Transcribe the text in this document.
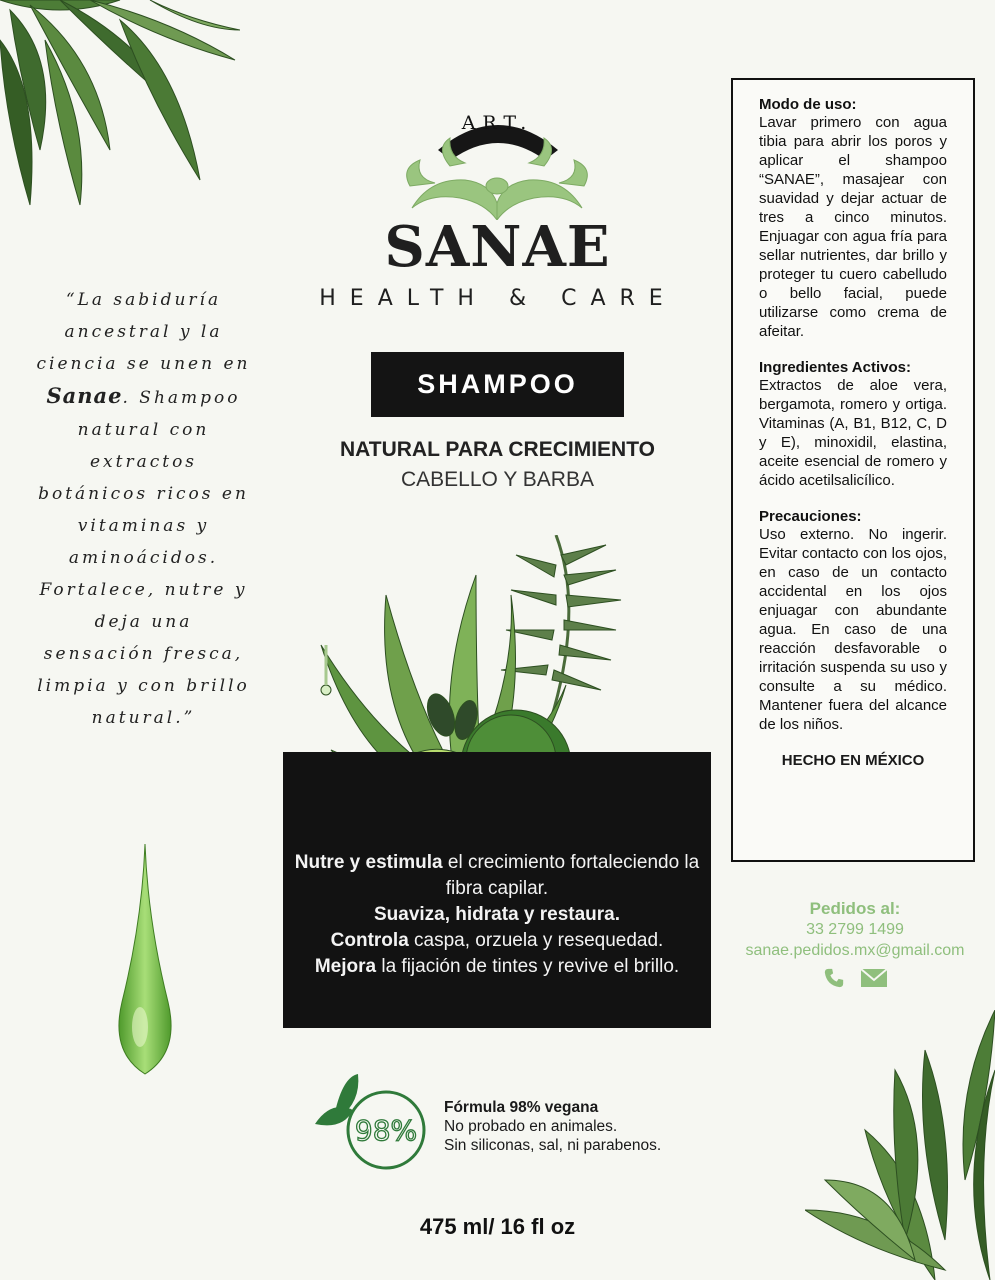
ART.
SANAE
HEALTH & CARE
SHAMPOO
NATURAL PARA CRECIMIENTO
CABELLO Y BARBA
“La sabiduría ancestral y la ciencia se unen en Sanae. Shampoo natural con extractos botánicos ricos en vitaminas y aminoácidos. Fortalece, nutre y deja una sensación fresca, limpia y con brillo natural.”
Nutre y estimula el crecimiento fortaleciendo la fibra capilar.
Suaviza, hidrata y restaura.
Controla caspa, orzuela y resequedad.
Mejora la fijación de tintes y revive el brillo.
98%
Fórmula 98% vegana
No probado en animales.
Sin siliconas, sal, ni parabenos.
475 ml/ 16 fl oz
Modo de uso:

Lavar primero con agua tibia para abrir los poros y aplicar el shampoo “SANAE”, masajear con suavidad y dejar actuar de tres a cinco minutos. Enjuagar con agua fría para sellar nutrientes, dar brillo y proteger tu cuero cabelludo o bello facial, puede utilizarse como crema de afeitar.

Ingredientes Activos:

Extractos de aloe vera, bergamota, romero y ortiga. Vitaminas (A, B1, B12, C, D y E), minoxidil, elastina, aceite esencial de romero y ácido acetilsalicílico.

Precauciones:

Uso externo. No ingerir. Evitar contacto con los ojos, en caso de un contacto accidental en los ojos enjuagar con abundante agua. En caso de una reacción desfavorable o irritación suspenda su uso y consulte a su médico. Mantener fuera del alcance de los niños.

HECHO EN MÉXICO
Pedidos al:
33 2799 1499
sanae.pedidos.mx@gmail.com
